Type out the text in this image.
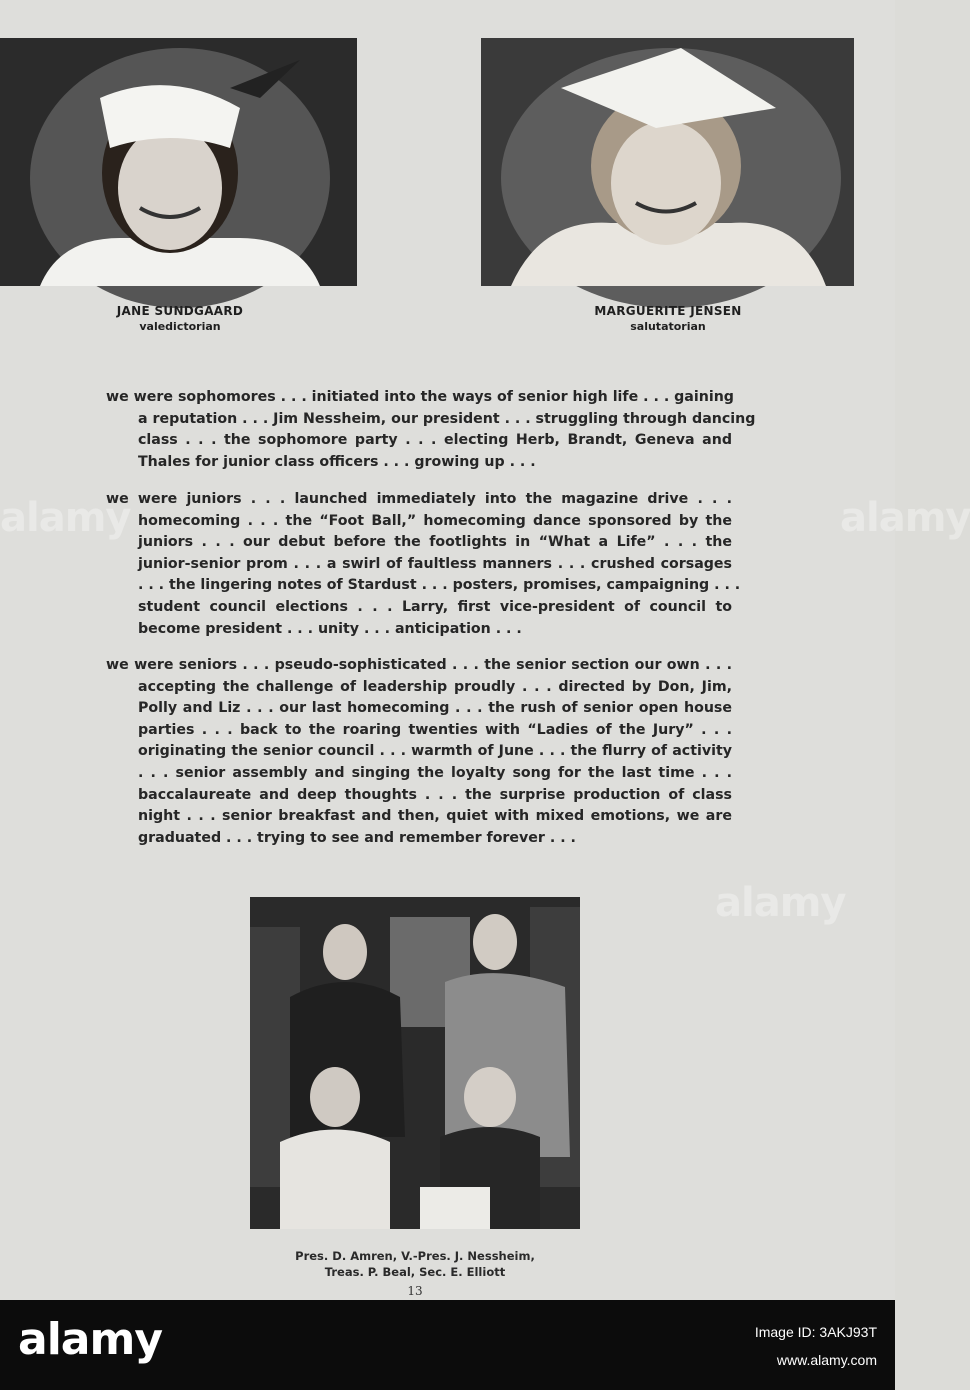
JANE SUNDGAARD
valedictorian
MARGUERITE JENSEN
salutatorian
we were sophomores . . . initiated into the ways of senior high life . . . gaining
a reputation . . . Jim Nessheim, our president . . . struggling through dancing
class . . . the sophomore party . . . electing Herb, Brandt, Geneva and
Thales for junior class officers . . . growing up . . .
we were juniors . . . launched immediately into the magazine drive . . .
homecoming . . . the “Foot Ball,” homecoming dance sponsored by the
juniors . . . our debut before the footlights in “What a Life” . . . the
junior-senior prom . . . a swirl of faultless manners . . . crushed corsages
. . . the lingering notes of Stardust . . . posters, promises, campaigning . . .
student council elections . . . Larry, first vice-president of council to
become president . . . unity . . . anticipation . . .
we were seniors . . . pseudo-sophisticated . . . the senior section our own . . .
accepting the challenge of leadership proudly . . . directed by Don, Jim,
Polly and Liz . . . our last homecoming . . . the rush of senior open house
parties . . . back to the roaring twenties with “Ladies of the Jury” . . .
originating the senior council . . . warmth of June . . . the flurry of activity
. . . senior assembly and singing the loyalty song for the last time . . .
baccalaureate and deep thoughts . . . the surprise production of class
night . . . senior breakfast and then, quiet with mixed emotions, we are
graduated . . . trying to see and remember forever . . .
Pres. D. Amren, V.-Pres. J. Nessheim,
Treas. P. Beal, Sec. E. Elliott
13
alamy
alamy
alamy
alamy	Image ID: 3AKJ93T
www.alamy.com
